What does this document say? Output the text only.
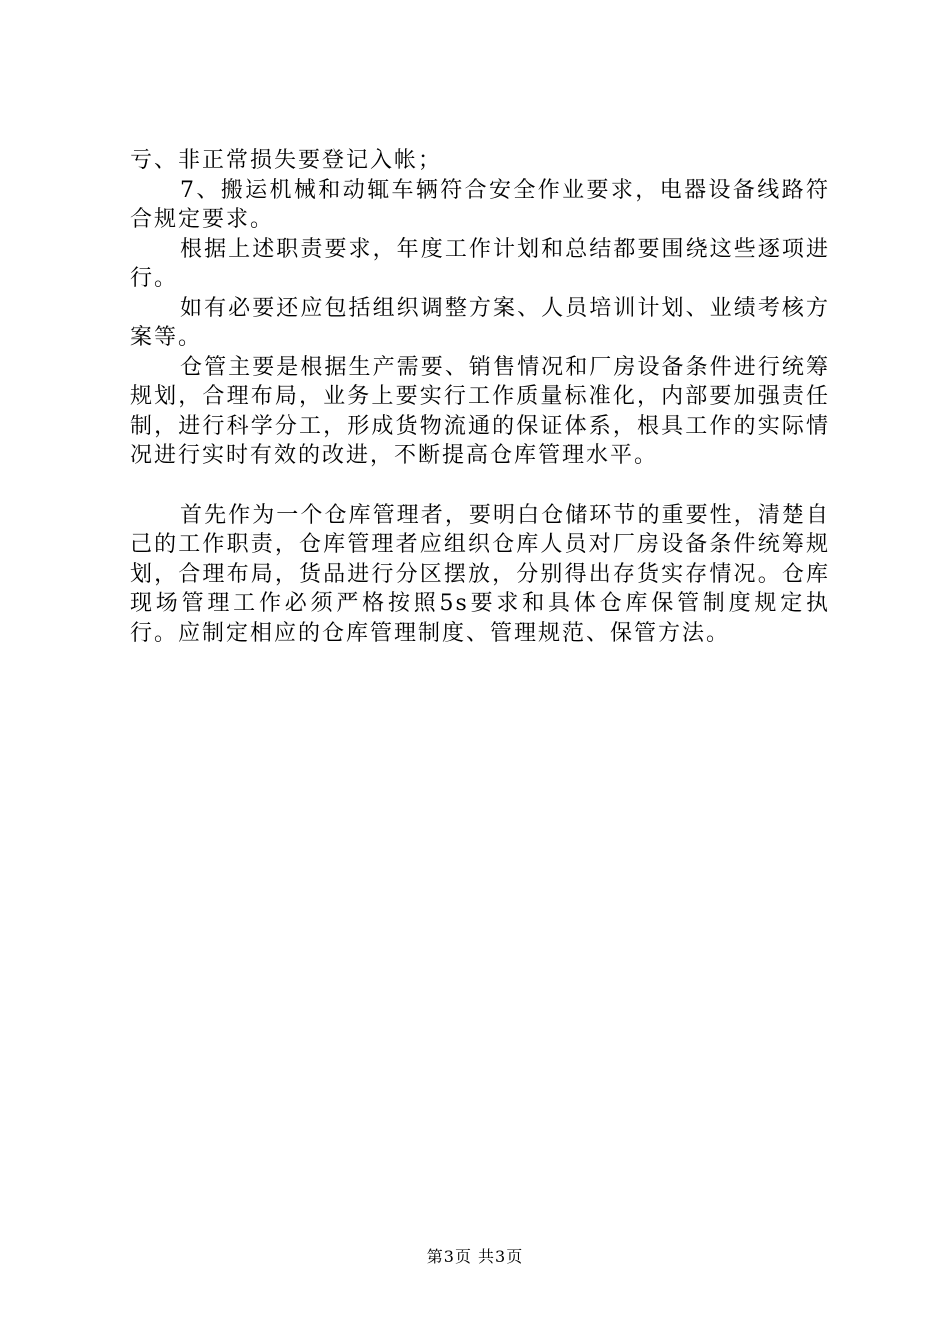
亏、非正常损失要登记入帐；

7、搬运机械和动辄车辆符合安全作业要求，电器设备线路符合规定要求。

根据上述职责要求，年度工作计划和总结都要围绕这些逐项进行。

如有必要还应包括组织调整方案、人员培训计划、业绩考核方案等。

仓管主要是根据生产需要、销售情况和厂房设备条件进行统筹规划，合理布局，业务上要实行工作质量标准化，内部要加强责任制，进行科学分工，形成货物流通的保证体系，根具工作的实际情况进行实时有效的改进，不断提高仓库管理水平。

首先作为一个仓库管理者，要明白仓储环节的重要性，清楚自己的工作职责，仓库管理者应组织仓库人员对厂房设备条件统筹规划，合理布局，货品进行分区摆放，分别得出存货实存情况。仓库现场管理工作必须严格按照5s要求和具体仓库保管制度规定执行。应制定相应的仓库管理制度、管理规范、保管方法。

第3页 共3页
